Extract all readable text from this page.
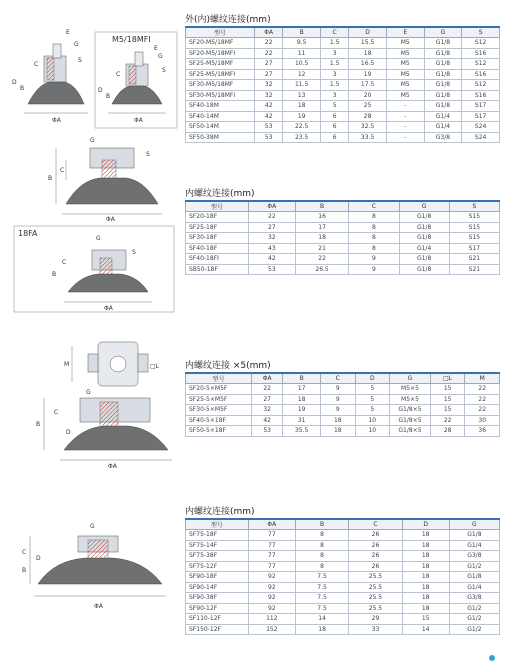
M5/18MFI
E
G
S
D
B
C
ΦA
E
G
S
D
B
C
ΦA
G
S
C
B
ΦA
18FA
G
S
C
B
ΦA
M	□L
G
C
B
D
ΦA
G
C
D
B
ΦA
外(内)螺纹连接(mm)
型号	ΦA	B	C	D	E	G	S
SF20-M5/18MF	22	9.5	1.5	15.5	M5	G1/8	S12
SF20-M5/18MFI	22	11	3	18	M5	G1/8	S16
SF25-M5/18MF	27	10.5	1.5	16.5	M5	G1/8	S12
SF25-M5/18MFI	27	12	3	19	M5	G1/8	S16
SF30-M5/18MF	32	11.5	1.5	17.5	M5	G1/8	S12
SF30-M5/18MFI	32	13	3	20	M5	G1/8	S16
SF40-18M	42	18	5	25	-	G1/8	S17
SF40-14M	42	19	6	28	-	G1/4	S17
SF50-14M	53	22.5	6	32.5	-	G1/4	S24
SF50-38M	53	23.5	6	33.5	-	G3/8	S24
内螺纹连接(mm)
型号	ΦA	B	C	G	S
SF20-18F	22	16	8	G1/8	S15
SF25-18F	27	17	8	G1/8	S15
SF30-18F	32	18	8	G1/8	S15
SF40-18F	43	21	8	G1/4	S17
SF40-18FI	42	22	9	G1/8	S21
SB50-18F	53	26.5	9	G1/8	S21
内螺纹连接 ×5(mm)
型号	ΦA	B	C	D	G	□L	M
SF20-5×M5F	22	17	9	5	M5×5	15	22
SF25-5×M5F	27	18	9	5	M5×5	15	22
SF30-5×M5F	32	19	9	5	G1/8×5	15	22
SF40-5×18F	42	31	18	10	G1/8×5	22	30
SF50-5×18F	53	35.5	18	10	G1/8×5	28	36
内螺纹连接(mm)
型号	ΦA	B	C	D	G
SF75-18F	77	8	26	18	G1/8
SF75-14F	77	8	26	18	G1/4
SF75-38F	77	8	26	18	G3/8
SF75-12F	77	8	26	18	G1/2
SF90-18F	92	7.5	25.5	18	G1/8
SF90-14F	92	7.5	25.5	18	G1/4
SF90-38F	92	7.5	25.5	18	G3/8
SF90-12F	92	7.5	25.5	18	G1/2
SF110-12F	112	14	29	15	G1/2
SF150-12F	152	18	33	14	G1/2
